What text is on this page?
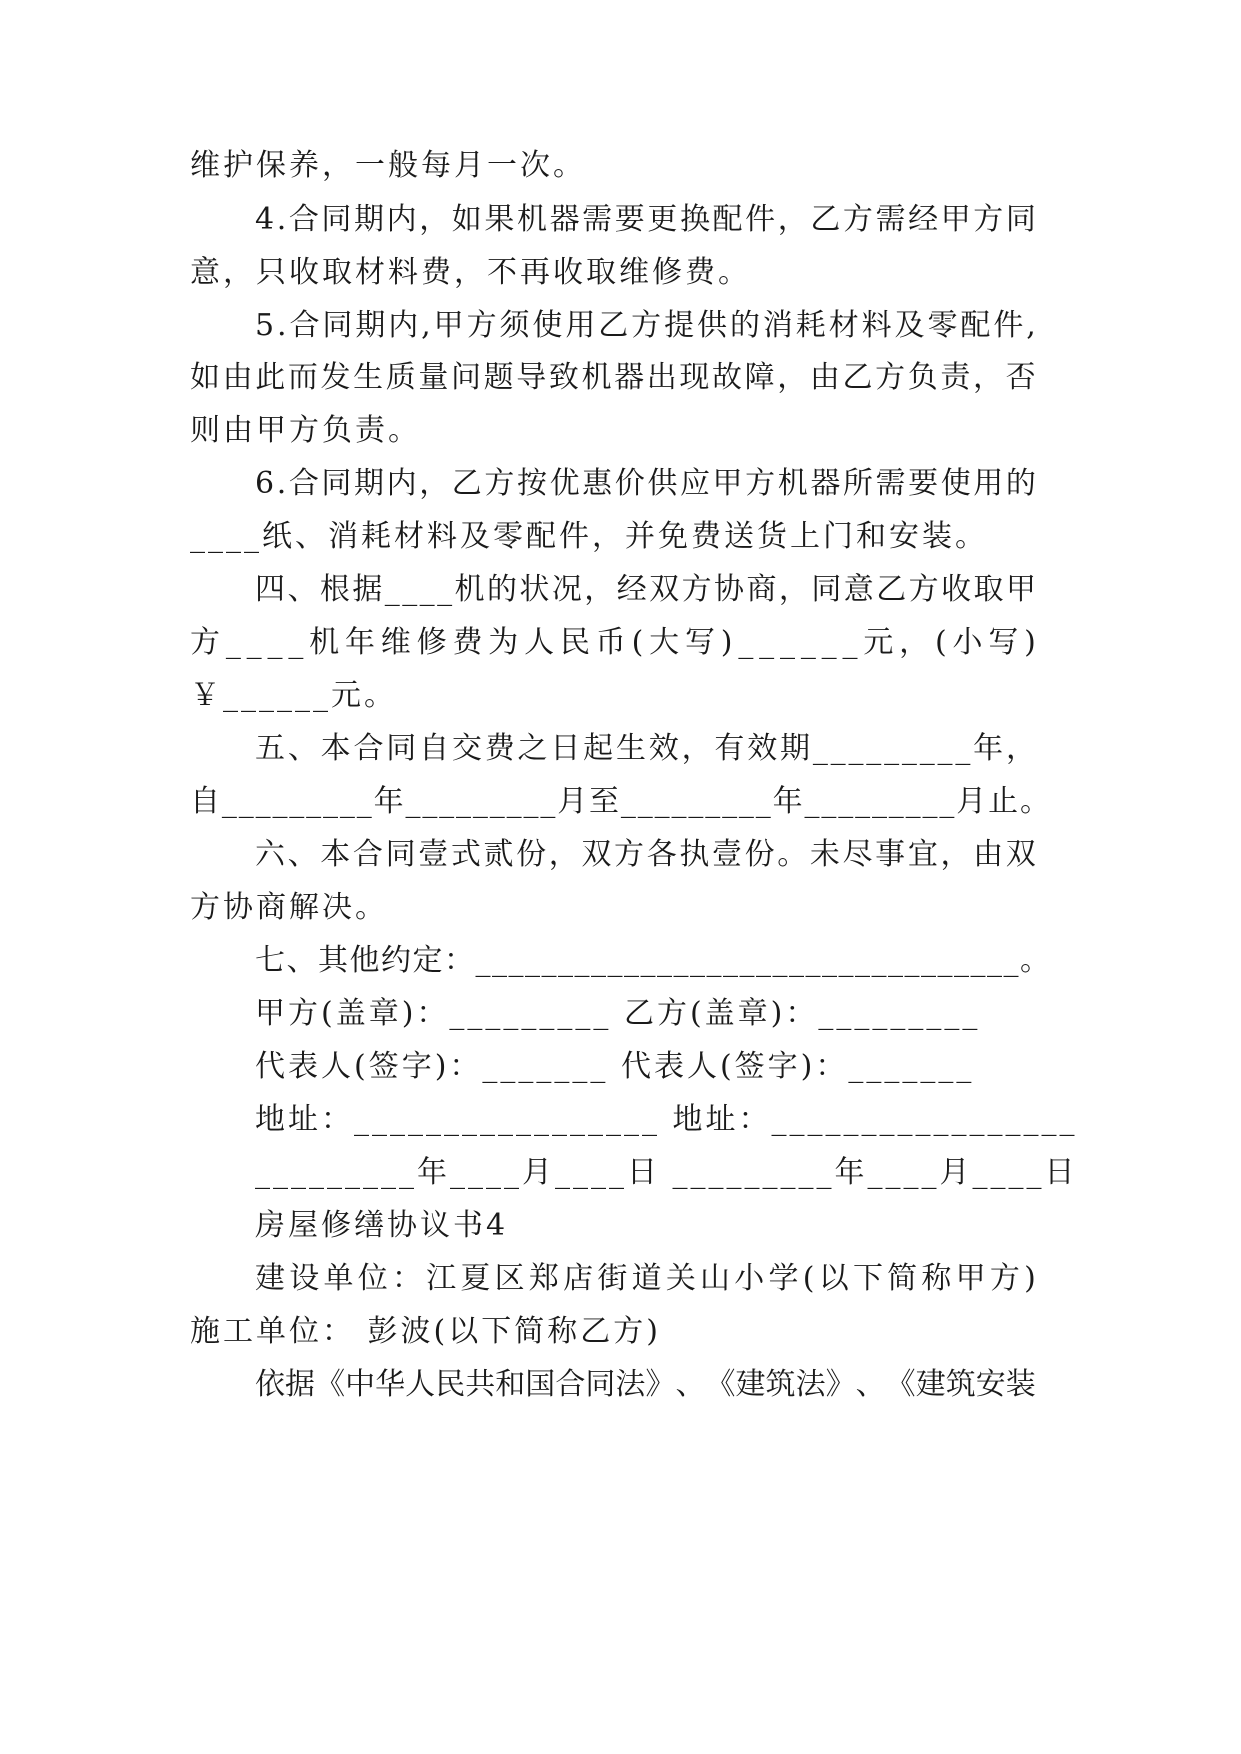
维护保养，一般每月一次。
4 . 合 同 期 内 ， 如 果 机 器 需 要 更 换 配 件 ， 乙 方 需 经 甲 方 同
意，只收取材料费，不再收取维修费。
5 . 合 同 期 内 , 甲 方 须 使 用 乙 方 提 供 的 消 耗 材 料 及 零 配 件 ,
如 由 此 而 发 生 质 量 问 题 导 致 机 器 出 现 故 障 ， 由 乙 方 负 责 ， 否
则由甲方负责。
6 . 合 同 期 内 ， 乙 方 按 优 惠 价 供 应 甲 方 机 器 所 需 要 使 用 的
____纸、消耗材料及零配件，并免费送货上门和安装。
四 、 根 据 _ _ _ _ 机 的 状 况 ， 经 双 方 协 商 ， 同 意 乙 方 收 取 甲
方 _ _ _ _ 机 年 维 修 费 为 人 民 币 ( 大 写 ) _ _ _ _ _ _ 元 ， ( 小 写 )
￥______元。
五 、 本 合 同 自 交 费 之 日 起 生 效 ， 有 效 期 _ _ _ _ _ _ _ _ _ 年 ，
自 _ _ _ _ _ _ _ _ _ 年 _ _ _ _ _ _ _ _ _ 月 至 _ _ _ _ _ _ _ _ _ 年 _ _ _ _ _ _ _ _ _ 月 止 。
六 、 本 合 同 壹 式 贰 份 ， 双 方 各 执 壹 份 。 未 尽 事 宜 ， 由 双
方协商解决。
七 、 其 他 约 定 ： _ _ _ _ _ _ _ _ _ _ _ _ _ _ _ _ _ _ _ _ _ _ _ _ _ _ _ _ _ _ _ _ _ 。
甲方(盖章)：_________ 乙方(盖章)：_________
代表人(签字)：_______ 代表人(签字)：_______
地址：_________________ 地址：_________________
_________年____月____日 _________年____月____日
房屋修缮协议书4
建 设 单 位 ： 江 夏 区 郑 店 街 道 关 山 小 学 ( 以 下 简 称 甲 方 )
施工单位： 彭波(以下简称乙方)
依 据 《 中 华 人 民 共 和 国 合 同 法 》 、 《 建 筑 法 》 、 《 建 筑 安 装
